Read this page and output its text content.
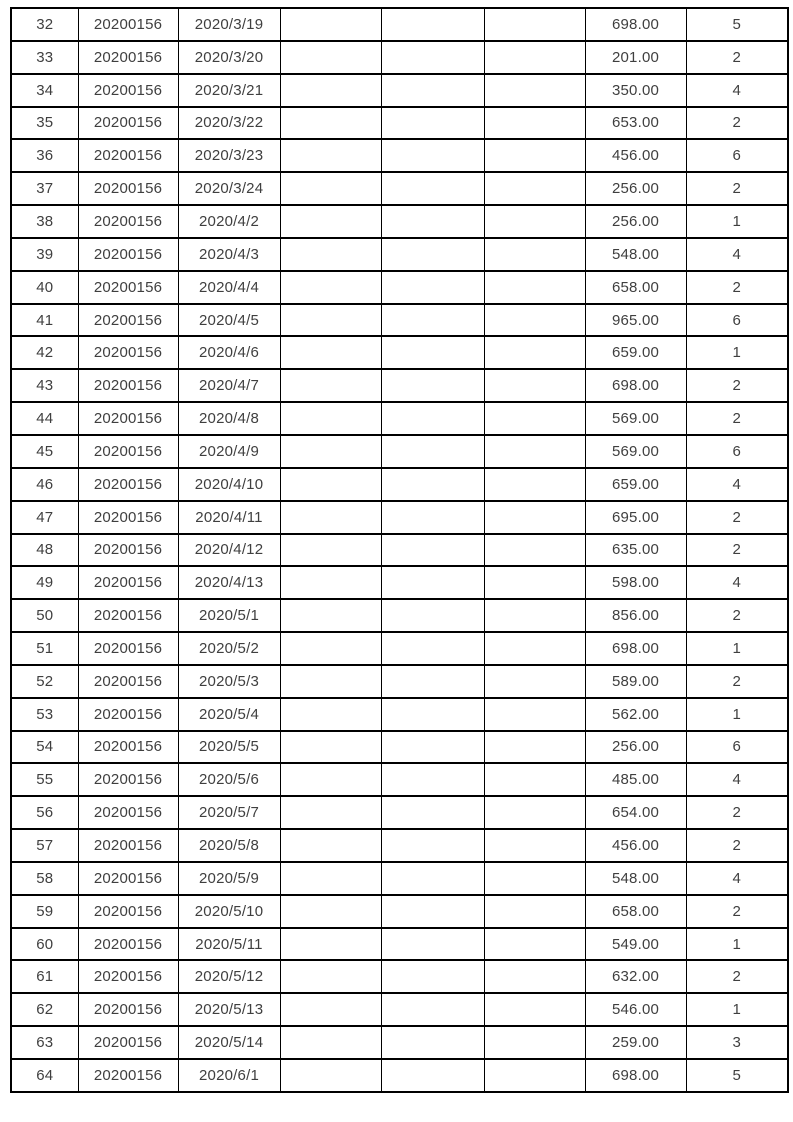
32	20200156	2020/3/19				698.00	5
33	20200156	2020/3/20				201.00	2
34	20200156	2020/3/21				350.00	4
35	20200156	2020/3/22				653.00	2
36	20200156	2020/3/23				456.00	6
37	20200156	2020/3/24				256.00	2
38	20200156	2020/4/2				256.00	1
39	20200156	2020/4/3				548.00	4
40	20200156	2020/4/4				658.00	2
41	20200156	2020/4/5				965.00	6
42	20200156	2020/4/6				659.00	1
43	20200156	2020/4/7				698.00	2
44	20200156	2020/4/8				569.00	2
45	20200156	2020/4/9				569.00	6
46	20200156	2020/4/10				659.00	4
47	20200156	2020/4/11				695.00	2
48	20200156	2020/4/12				635.00	2
49	20200156	2020/4/13				598.00	4
50	20200156	2020/5/1				856.00	2
51	20200156	2020/5/2				698.00	1
52	20200156	2020/5/3				589.00	2
53	20200156	2020/5/4				562.00	1
54	20200156	2020/5/5				256.00	6
55	20200156	2020/5/6				485.00	4
56	20200156	2020/5/7				654.00	2
57	20200156	2020/5/8				456.00	2
58	20200156	2020/5/9				548.00	4
59	20200156	2020/5/10				658.00	2
60	20200156	2020/5/11				549.00	1
61	20200156	2020/5/12				632.00	2
62	20200156	2020/5/13				546.00	1
63	20200156	2020/5/14				259.00	3
64	20200156	2020/6/1				698.00	5
